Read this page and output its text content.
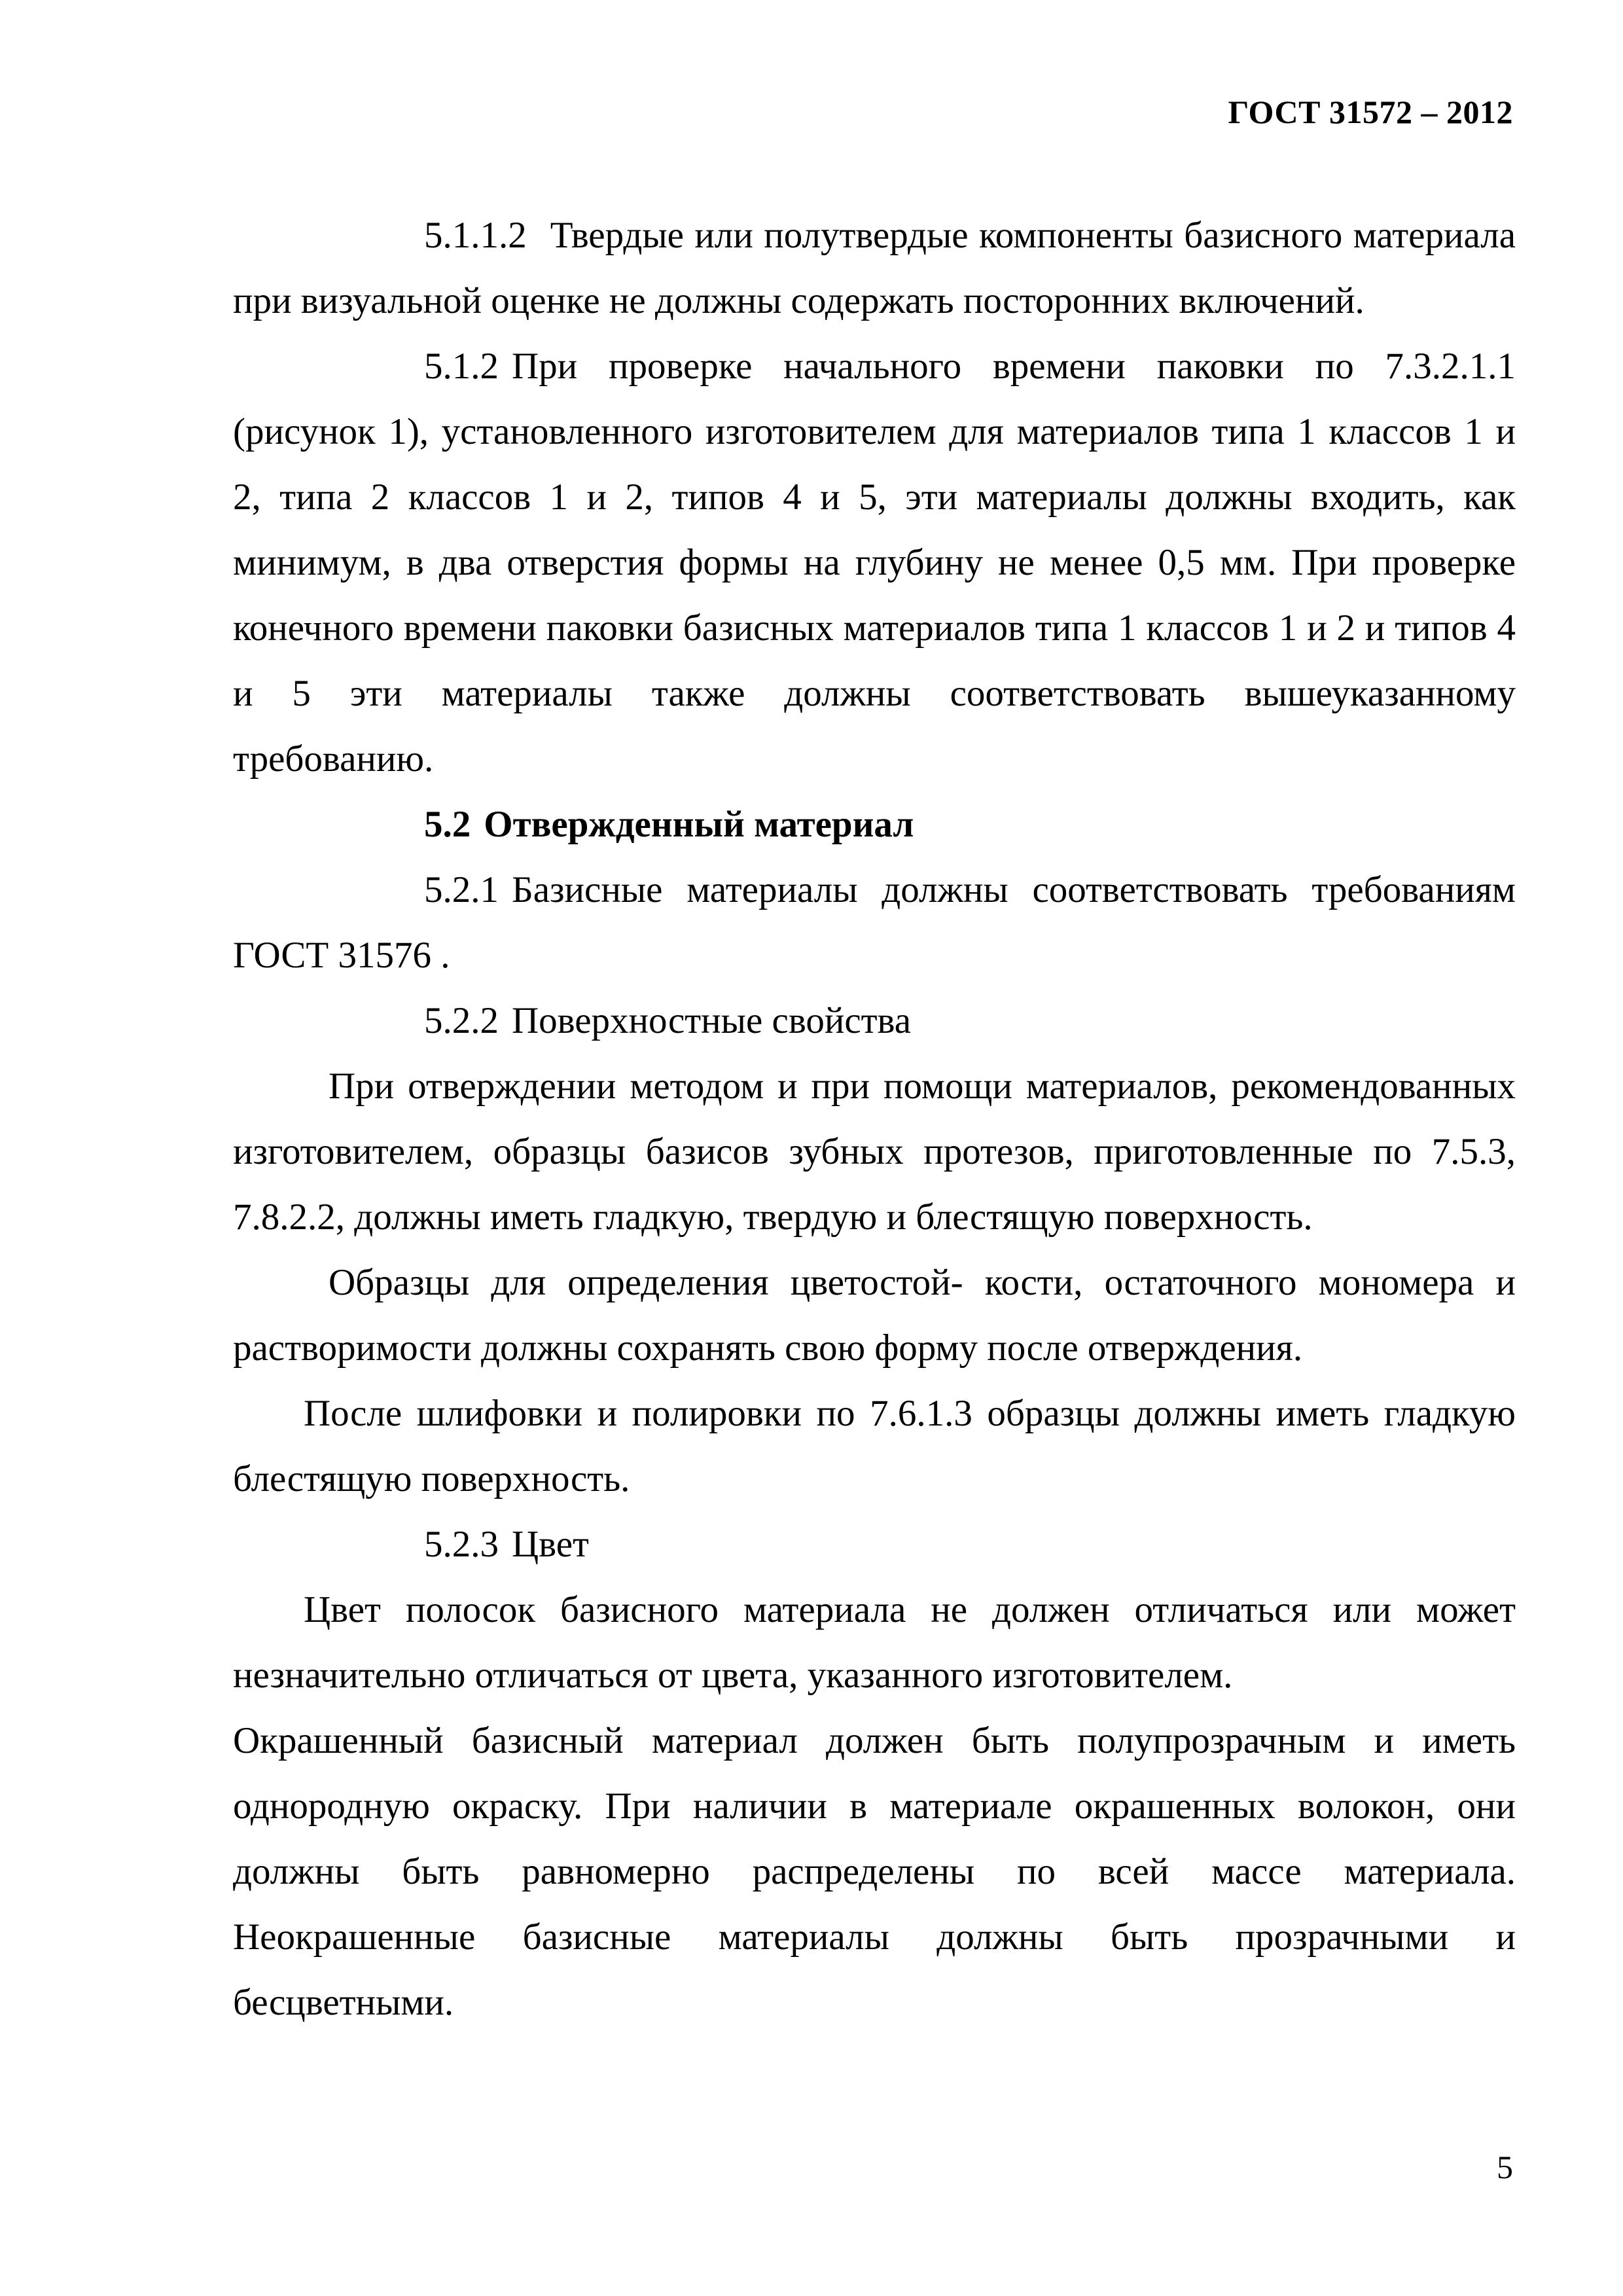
ГОСТ 31572 – 2012

5.1.1.2 Твердые или полутвердые компоненты базисного материала при визуальной оценке не должны содержать посторонних включений.

5.1.2 При проверке начального времени паковки по 7.3.2.1.1 (рисунок 1), установленного изготовителем для материалов типа 1 классов 1 и 2, типа 2 классов 1 и 2, типов 4 и 5, эти материалы должны входить, как минимум, в два отверстия формы на глубину не менее 0,5 мм. При проверке конечного времени паковки базисных материалов типа 1 классов 1 и 2 и типов 4 и 5 эти материалы также должны соответствовать вышеуказанному требованию.

5.2 Отвержденный материал

5.2.1 Базисные материалы должны соответствовать требованиям ГОСТ 31576 .

5.2.2 Поверхностные свойства

При отверждении методом и при помощи материалов, рекомендованных изготовителем, образцы базисов зубных протезов, приготовленные по 7.5.3, 7.8.2.2, должны иметь гладкую, твердую и блестящую поверхность.

Образцы для определения цветостой- кости, остаточного мономера и растворимости должны сохранять свою форму после отверждения.

После шлифовки и полировки по 7.6.1.3 образцы должны иметь гладкую блестящую поверхность.

5.2.3 Цвет

Цвет полосок базисного материала не должен отличаться или может незначительно отличаться от цвета, указанного изготовителем.

Окрашенный базисный материал должен быть полупрозрачным и иметь однородную окраску. При наличии в материале окрашенных волокон, они должны быть равномерно распределены по всей массе материала. Неокрашенные базисные материалы должны быть прозрачными и бесцветными.

5
